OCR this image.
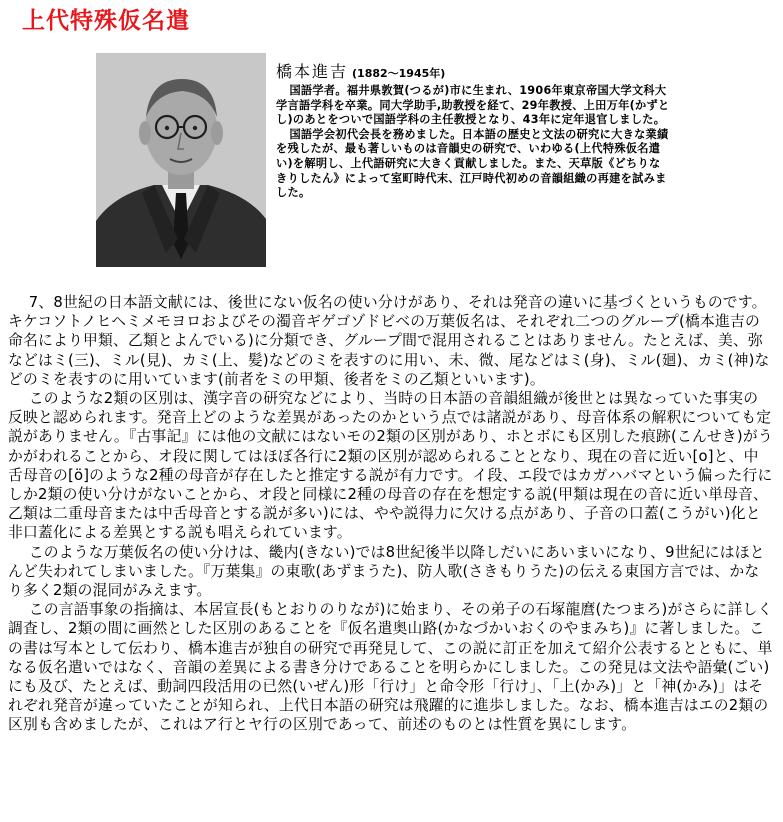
上代特殊仮名遣
橋本進吉 (1882～1945年)

国語学者。福井県敦賀(つるが)市に生まれ、1906年東京帝国大学文科大学言語学科を卒業。同大学助手,助教授を経て、29年教授、上田万年(かずとし)のあとをついで国語学科の主任教授となり、43年に定年退官しました。

国語学会初代会長を務めました。日本語の歴史と文法の研究に大きな業績を残したが、最も著しいものは音韻史の研究で、いわゆる(上代特殊仮名遣い)を解明し、上代語研究に大きく貢献しました。また、天草版《どちりなきりしたん》によって室町時代末、江戸時代初めの音韻組織の再建を試みました。

7、8世紀の日本語文献には、後世にない仮名の使い分けがあり、それは発音の違いに基づくというものです。キケコソトノヒヘミメモヨロおよびその濁音ギゲゴゾドビベの万葉仮名は、それぞれ二つのグループ(橋本進吉の命名により甲類、乙類とよんでいる)に分類でき、グループ間で混用されることはありません。たとえば、美、弥などはミ(三)、ミル(見)、カミ(上、髪)などのミを表すのに用い、未、微、尾などはミ(身)、ミル(廻)、カミ(神)などのミを表すのに用いています(前者をミの甲類、後者をミの乙類といいます)。

このような2類の区別は、漢字音の研究などにより、当時の日本語の音韻組織が後世とは異なっていた事実の反映と認められます。発音上どのような差異があったのかという点では諸説があり、母音体系の解釈についても定説がありません。『古事記』には他の文献にはないモの2類の区別があり、ホとボにも区別した痕跡(こんせき)がうかがわれることから、オ段に関してはほぼ各行に2類の区別が認められることとなり、現在の音に近い[o]と、中舌母音の[ö]のような2種の母音が存在したと推定する説が有力です。イ段、エ段ではカガハバマという偏った行にしか2類の使い分けがないことから、オ段と同様に2種の母音の存在を想定する説(甲類は現在の音に近い単母音、乙類は二重母音または中舌母音とする説が多い)には、やや説得力に欠ける点があり、子音の口蓋(こうがい)化と非口蓋化による差異とする説も唱えられています。

このような万葉仮名の使い分けは、畿内(きない)では8世紀後半以降しだいにあいまいになり、9世紀にはほとんど失われてしまいました。『万葉集』の東歌(あずまうた)、防人歌(さきもりうた)の伝える東国方言では、かなり多く2類の混同がみえます。

この言語事象の指摘は、本居宣長(もとおりのりなが)に始まり、その弟子の石塚龍麿(たつまろ)がさらに詳しく調査し、2類の間に画然とした区別のあることを『仮名遣奥山路(かなづかいおくのやまみち)』に著しました。この書は写本として伝わり、橋本進吉が独自の研究で再発見して、この説に訂正を加えて紹介公表するとともに、単なる仮名遣いではなく、音韻の差異による書き分けであることを明らかにしました。この発見は文法や語彙(ごい)にも及び、たとえば、動詞四段活用の已然(いぜん)形「行け」と命令形「行け」、「上(かみ)」と「神(かみ)」はそれぞれ発音が違っていたことが知られ、上代日本語の研究は飛躍的に進歩しました。なお、橋本進吉はエの2類の区別も含めましたが、これはア行とヤ行の区別であって、前述のものとは性質を異にします。
